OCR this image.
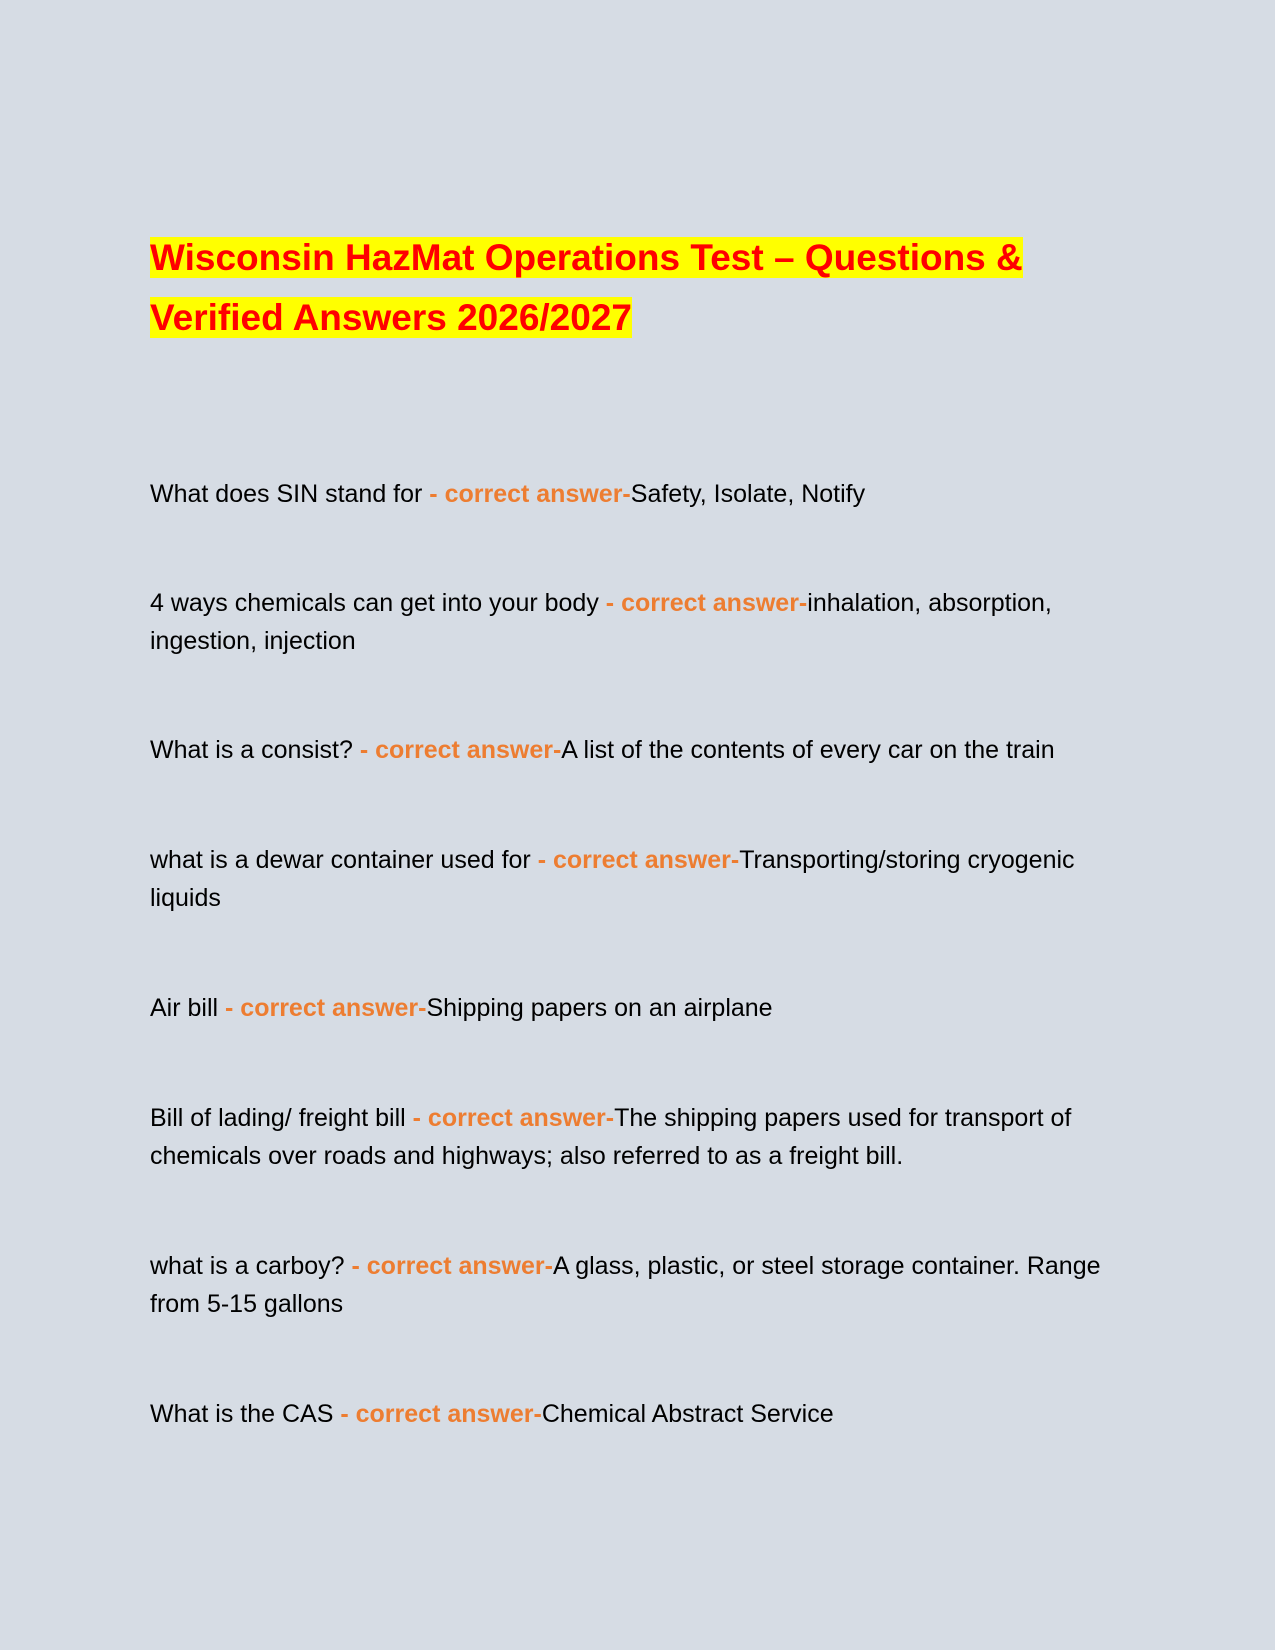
Wisconsin HazMat Operations Test – Questions &
Verified Answers 2026/2027
What does SIN stand for - correct answer-Safety, Isolate, Notify
4 ways chemicals can get into your body - correct answer-inhalation, absorption, ingestion, injection
What is a consist? - correct answer-A list of the contents of every car on the train
what is a dewar container used for - correct answer-Transporting/storing cryogenic liquids
Air bill - correct answer-Shipping papers on an airplane
Bill of lading/ freight bill - correct answer-The shipping papers used for transport of chemicals over roads and highways; also referred to as a freight bill.
what is a carboy? - correct answer-A glass, plastic, or steel storage container. Range from 5-15 gallons
What is the CAS - correct answer-Chemical Abstract Service
